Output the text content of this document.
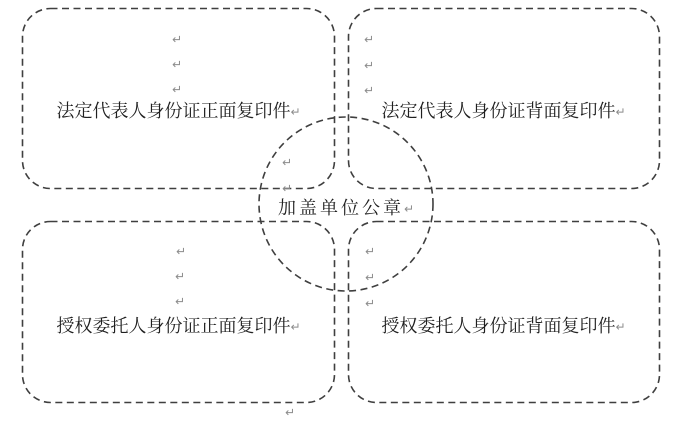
法定代表人身份证正面复印件↵	法定代表人身份证背面复印件↵
授权委托人身份证正面复印件↵	授权委托人身份证背面复印件↵
加盖单位公章↵
↵
↵
↵
↵
↵
↵
↵
↵
↵
↵
↵
↵
↵
↵
↵
